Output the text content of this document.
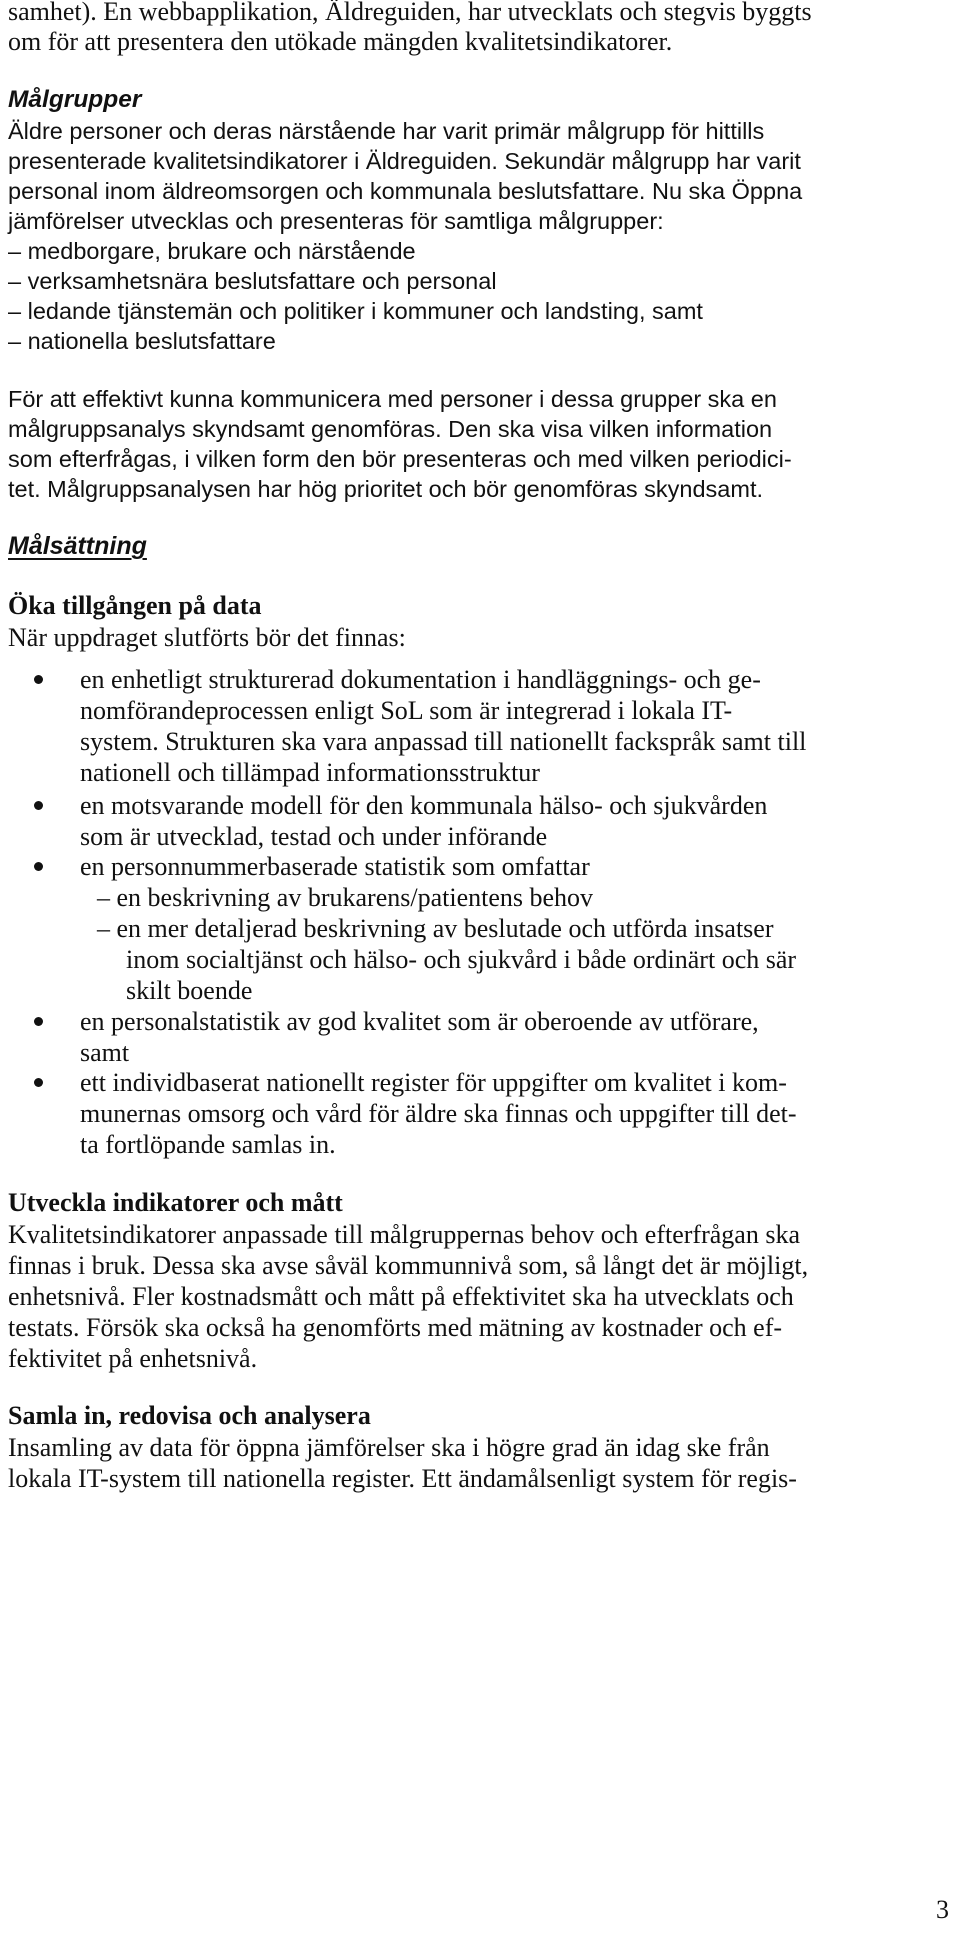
samhet). En webbapplikation, Äldreguiden, har utvecklats och stegvis byggts
om för att presentera den utökade mängden kvalitetsindikatorer.
Målgrupper
Äldre personer och deras närstående har varit primär målgrupp för hittills
presenterade kvalitetsindikatorer i Äldreguiden. Sekundär målgrupp har varit
personal inom äldreomsorgen och kommunala beslutsfattare. Nu ska Öppna
jämförelser utvecklas och presenteras för samtliga målgrupper:
– medborgare, brukare och närstående
– verksamhetsnära beslutsfattare och personal
– ledande tjänstemän och politiker i kommuner och landsting, samt
– nationella beslutsfattare
För att effektivt kunna kommunicera med personer i dessa grupper ska en
målgruppsanalys skyndsamt genomföras. Den ska visa vilken information
som efterfrågas, i vilken form den bör presenteras och med vilken periodici-
tet. Målgruppsanalysen har hög prioritet och bör genomföras skyndsamt.
Målsättning
Öka tillgången på data
När uppdraget slutförts bör det finnas:
en enhetligt strukturerad dokumentation i handläggnings- och ge-
nomförandeprocessen enligt SoL som är integrerad i lokala IT-
system. Strukturen ska vara anpassad till nationellt fackspråk samt till
nationell och tillämpad informationsstruktur
en motsvarande modell för den kommunala hälso- och sjukvården
som är utvecklad, testad och under införande
en personnummerbaserade statistik som omfattar
– en beskrivning av brukarens/patientens behov
– en mer detaljerad beskrivning av beslutade och utförda insatser
inom socialtjänst och hälso- och sjukvård i både ordinärt och sär
skilt boende
en personalstatistik av god kvalitet som är oberoende av utförare,
samt
ett individbaserat nationellt register för uppgifter om kvalitet i kom-
munernas omsorg och vård för äldre ska finnas och uppgifter till det-
ta fortlöpande samlas in.
Utveckla indikatorer och mått
Kvalitetsindikatorer anpassade till målgruppernas behov och efterfrågan ska
finnas i bruk. Dessa ska avse såväl kommunnivå som, så långt det är möjligt,
enhetsnivå. Fler kostnadsmått och mått på effektivitet ska ha utvecklats och
testats. Försök ska också ha genomförts med mätning av kostnader och ef-
fektivitet på enhetsnivå.
Samla in, redovisa och analysera
Insamling av data för öppna jämförelser ska i högre grad än idag ske från
lokala IT-system till nationella register. Ett ändamålsenligt system för regis-
3
